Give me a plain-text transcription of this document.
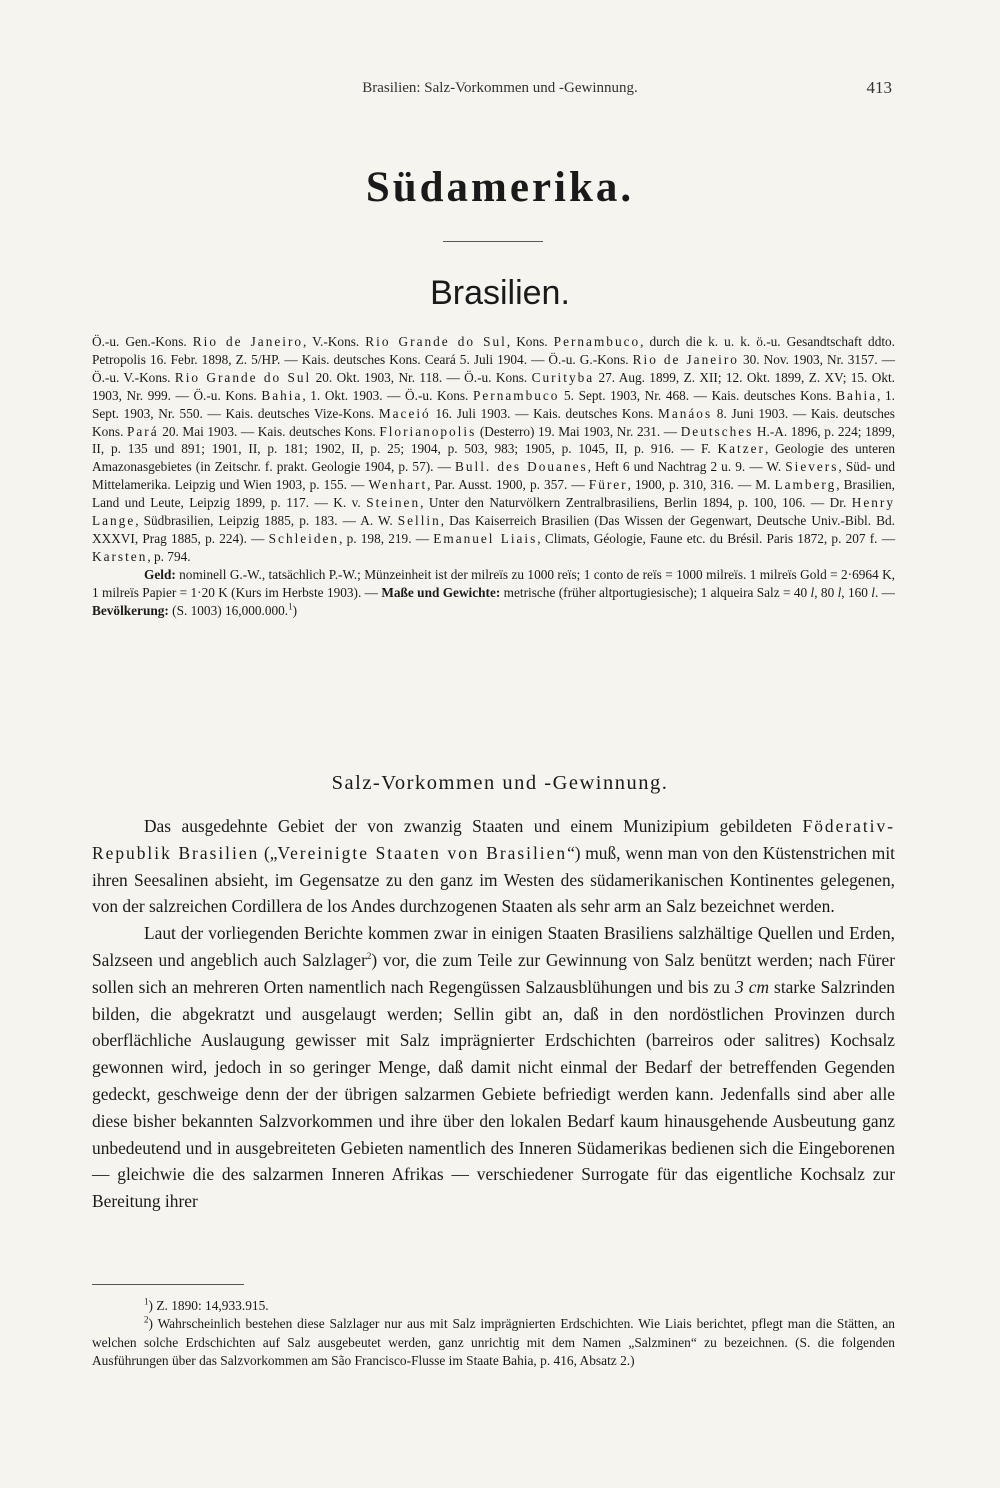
Brasilien: Salz-Vorkommen und -Gewinnung.	413
Südamerika.
Brasilien.
Ö.-u. Gen.-Kons. Rio de Janeiro, V.-Kons. Rio Grande do Sul, Kons. Pernambuco, durch die k. u. k. ö.-u. Gesandtschaft ddto. Petropolis 16. Febr. 1898, Z. 5/HP. — Kais. deutsches Kons. Ceará 5. Juli 1904. — Ö.-u. G.-Kons. Rio de Janeiro 30. Nov. 1903, Nr. 3157. — Ö.-u. V.-Kons. Rio Grande do Sul 20. Okt. 1903, Nr. 118. — Ö.-u. Kons. Curityba 27. Aug. 1899, Z. XII; 12. Okt. 1899, Z. XV; 15. Okt. 1903, Nr. 999. — Ö.-u. Kons. Bahia, 1. Okt. 1903. — Ö.-u. Kons. Pernambuco 5. Sept. 1903, Nr. 468. — Kais. deutsches Kons. Bahia, 1. Sept. 1903, Nr. 550. — Kais. deutsches Vize-Kons. Maceió 16. Juli 1903. — Kais. deutsches Kons. Manáos 8. Juni 1903. — Kais. deutsches Kons. Pará 20. Mai 1903. — Kais. deutsches Kons. Florianopolis (Desterro) 19. Mai 1903, Nr. 231. — Deutsches H.-A. 1896, p. 224; 1899, II, p. 135 und 891; 1901, II, p. 181; 1902, II, p. 25; 1904, p. 503, 983; 1905, p. 1045, II, p. 916. — F. Katzer, Geologie des unteren Amazonasgebietes (in Zeitschr. f. prakt. Geologie 1904, p. 57). — Bull. des Douanes, Heft 6 und Nachtrag 2 u. 9. — W. Sievers, Süd- und Mittelamerika. Leipzig und Wien 1903, p. 155. — Wenhart, Par. Ausst. 1900, p. 357. — Fürer, 1900, p. 310, 316. — M. Lamberg, Brasilien, Land und Leute, Leipzig 1899, p. 117. — K. v. Steinen, Unter den Naturvölkern Zentralbrasiliens, Berlin 1894, p. 100, 106. — Dr. Henry Lange, Südbrasilien, Leipzig 1885, p. 183. — A. W. Sellin, Das Kaiserreich Brasilien (Das Wissen der Gegenwart, Deutsche Univ.-Bibl. Bd. XXXVI, Prag 1885, p. 224). — Schleiden, p. 198, 219. — Emanuel Liais, Climats, Géologie, Faune etc. du Brésil. Paris 1872, p. 207 f. — Karsten, p. 794.
Geld: nominell G.-W., tatsächlich P.-W.; Münzeinheit ist der milreïs zu 1000 reïs; 1 conto de reïs = 1000 milreïs. 1 milreïs Gold = 2·6964 K, 1 milreïs Papier = 1·20 K (Kurs im Herbste 1903). — Maße und Gewichte: metrische (früher altportugiesische); 1 alqueira Salz = 40 l, 80 l, 160 l. — Bevölkerung: (S. 1003) 16,000.000.$^1$)
Salz-Vorkommen und -Gewinnung.

Das ausgedehnte Gebiet der von zwanzig Staaten und einem Munizipium gebildeten Föderativ-Republik Brasilien („Vereinigte Staaten von Brasilien“) muß, wenn man von den Küstenstrichen mit ihren Seesalinen absieht, im Gegensatze zu den ganz im Westen des südamerikanischen Kontinentes gelegenen, von der salzreichen Cordillera de los Andes durchzogenen Staaten als sehr arm an Salz bezeichnet werden.

Laut der vorliegenden Berichte kommen zwar in einigen Staaten Brasiliens salzhältige Quellen und Erden, Salzseen und angeblich auch Salzlager$^2$) vor, die zum Teile zur Gewinnung von Salz benützt werden; nach Fürer sollen sich an mehreren Orten namentlich nach Regengüssen Salzausblühungen und bis zu 3 cm starke Salzrinden bilden, die abgekratzt und ausgelaugt werden; Sellin gibt an, daß in den nordöstlichen Provinzen durch oberflächliche Auslaugung gewisser mit Salz imprägnierter Erdschichten (barreiros oder salitres) Kochsalz gewonnen wird, jedoch in so geringer Menge, daß damit nicht einmal der Bedarf der betreffenden Gegenden gedeckt, geschweige denn der der übrigen salzarmen Gebiete befriedigt werden kann. Jedenfalls sind aber alle diese bisher bekannten Salzvorkommen und ihre über den lokalen Bedarf kaum hinausgehende Ausbeutung ganz unbedeutend und in ausgebreiteten Gebieten namentlich des Inneren Südamerikas bedienen sich die Eingeborenen — gleichwie die des salzarmen Inneren Afrikas — verschiedener Surrogate für das eigentliche Kochsalz zur Bereitung ihrer

$^1$) Z. 1890: 14,933.915.

$^2$) Wahrscheinlich bestehen diese Salzlager nur aus mit Salz imprägnierten Erdschichten. Wie Liais berichtet, pflegt man die Stätten, an welchen solche Erdschichten auf Salz ausgebeutet werden, ganz unrichtig mit dem Namen „Salzminen“ zu bezeichnen. (S. die folgenden Ausführungen über das Salzvorkommen am São Francisco-Flusse im Staate Bahia, p. 416, Absatz 2.)
